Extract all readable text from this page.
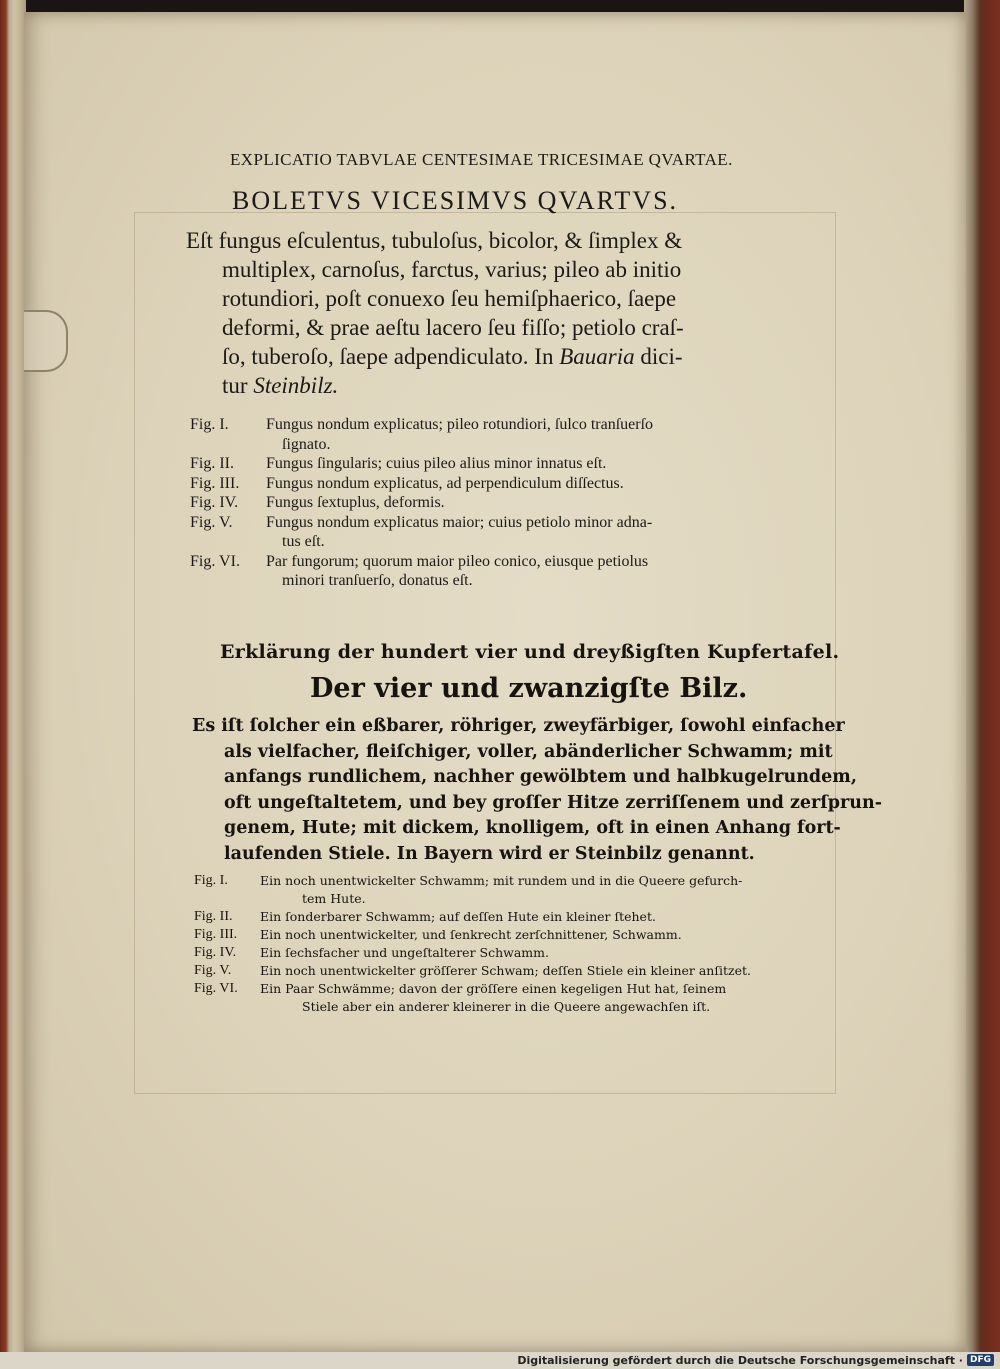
EXPLICATIO TABVLAE CENTESIMAE TRICESIMAE QVARTAE.
BOLETVS VICESIMVS QVARTVS.
Eſt fungus eſculentus, tubuloſus, bicolor, & ſimplex &
multiplex, carnoſus, farctus, varius; pileo ab initio
rotundiori, poſt conuexo ſeu hemiſphaerico, ſaepe
deformi, & prae aeſtu lacero ſeu fiſſo; petiolo craſ-
ſo, tuberoſo, ſaepe adpendiculato. In Bauaria dici-
tur Steinbilz.
Fig. I.	Fungus nondum explicatus; pileo rotundiori, ſulco tranſuerſo
ſignato.
Fig. II.	Fungus ſingularis; cuius pileo alius minor innatus eſt.
Fig. III.	Fungus nondum explicatus, ad perpendiculum diſſectus.
Fig. IV.	Fungus ſextuplus, deformis.
Fig. V.	Fungus nondum explicatus maior; cuius petiolo minor adna-
tus eſt.
Fig. VI.	Par fungorum; quorum maior pileo conico, eiusque petiolus
minori tranſuerſo, donatus eſt.
Erklärung der hundert vier und dreyßigſten Kupfertafel.
Der vier und zwanzigſte Bilz.
Es iſt ſolcher ein eßbarer, röhriger, zweyfärbiger, ſowohl einfacher
als vielfacher, fleiſchiger, voller, abänderlicher Schwamm; mit
anfangs rundlichem, nachher gewölbtem und halbkugelrundem,
oft ungeſtaltetem, und bey groſſer Hitze zerriſſenem und zerſprun-
genem, Hute; mit dickem, knolligem, oft in einen Anhang fort-
laufenden Stiele. In Bayern wird er Steinbilz genannt.
Fig. I.	Ein noch unentwickelter Schwamm; mit rundem und in die Queere gefurch-
tem Hute.
Fig. II.	Ein ſonderbarer Schwamm; auf deſſen Hute ein kleiner ſtehet.
Fig. III.	Ein noch unentwickelter, und ſenkrecht zerſchnittener, Schwamm.
Fig. IV.	Ein ſechsfacher und ungeſtalterer Schwamm.
Fig. V.	Ein noch unentwickelter gröſſerer Schwam; deſſen Stiele ein kleiner anſitzet.
Fig. VI.	Ein Paar Schwämme; davon der gröſſere einen kegeligen Hut hat, ſeinem
Stiele aber ein anderer kleinerer in die Queere angewachſen iſt.
Digitalisierung gefördert durch die Deutsche Forschungsgemeinschaft · DFG
